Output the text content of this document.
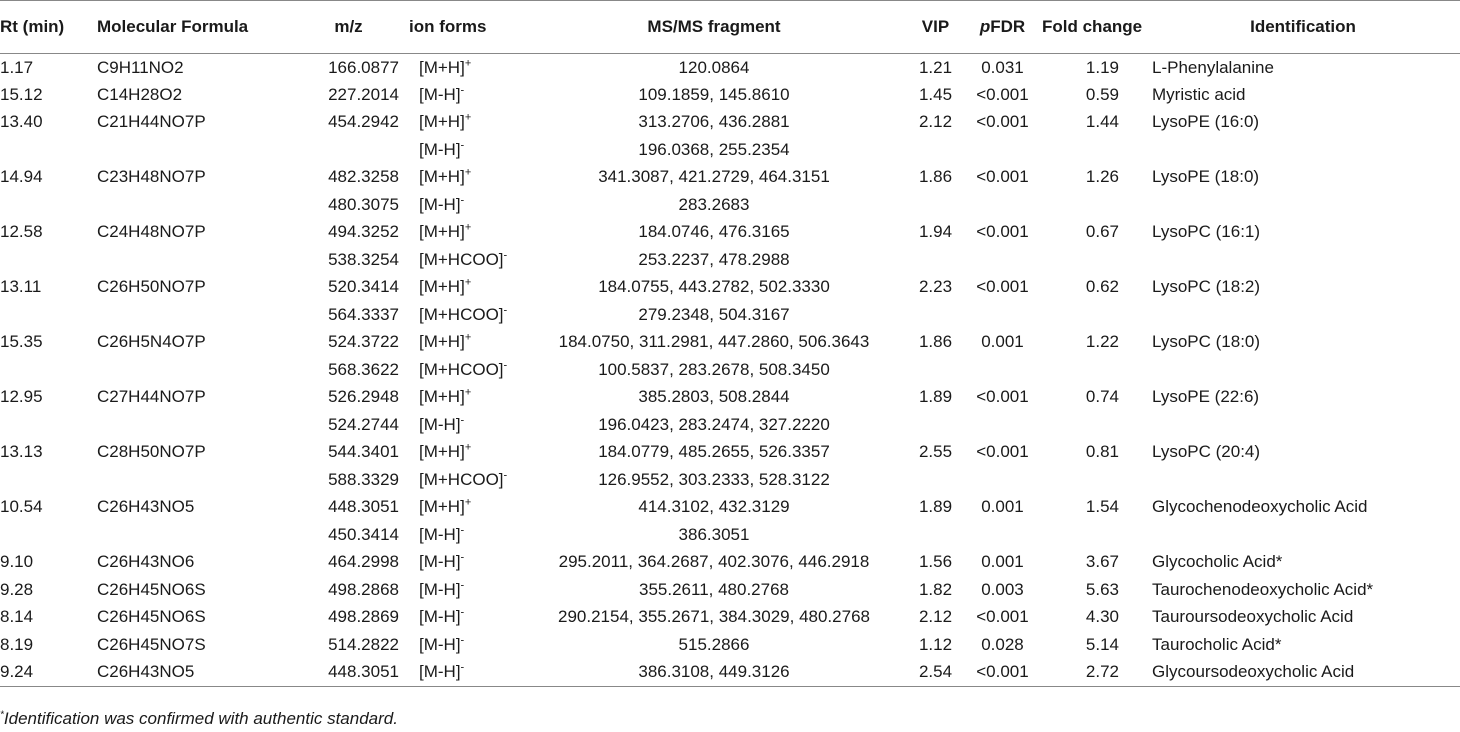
Rt (min)	Molecular Formula	m/z	ion forms	MS/MS fragment	VIP	pFDR	Fold change	Identification
1.17	C9H11NO2	166.0877	[M+H]+	120.0864	1.21	0.031	1.19	L-Phenylalanine
15.12	C14H28O2	227.2014	[M-H]-	109.1859, 145.8610	1.45	<0.001	0.59	Myristic acid
13.40	C21H44NO7P	454.2942	[M+H]+	313.2706, 436.2881	2.12	<0.001	1.44	LysoPE (16:0)
			[M-H]-	196.0368, 255.2354				
14.94	C23H48NO7P	482.3258	[M+H]+	341.3087, 421.2729, 464.3151	1.86	<0.001	1.26	LysoPE (18:0)
		480.3075	[M-H]-	283.2683				
12.58	C24H48NO7P	494.3252	[M+H]+	184.0746, 476.3165	1.94	<0.001	0.67	LysoPC (16:1)
		538.3254	[M+HCOO]-	253.2237, 478.2988				
13.11	C26H50NO7P	520.3414	[M+H]+	184.0755, 443.2782, 502.3330	2.23	<0.001	0.62	LysoPC (18:2)
		564.3337	[M+HCOO]-	279.2348, 504.3167				
15.35	C26H5N4O7P	524.3722	[M+H]+	184.0750, 311.2981, 447.2860, 506.3643	1.86	0.001	1.22	LysoPC (18:0)
		568.3622	[M+HCOO]-	100.5837, 283.2678, 508.3450				
12.95	C27H44NO7P	526.2948	[M+H]+	385.2803, 508.2844	1.89	<0.001	0.74	LysoPE (22:6)
		524.2744	[M-H]-	196.0423, 283.2474, 327.2220				
13.13	C28H50NO7P	544.3401	[M+H]+	184.0779, 485.2655, 526.3357	2.55	<0.001	0.81	LysoPC (20:4)
		588.3329	[M+HCOO]-	126.9552, 303.2333, 528.3122				
10.54	C26H43NO5	448.3051	[M+H]+	414.3102, 432.3129	1.89	0.001	1.54	Glycochenodeoxycholic Acid
		450.3414	[M-H]-	386.3051				
9.10	C26H43NO6	464.2998	[M-H]-	295.2011, 364.2687, 402.3076, 446.2918	1.56	0.001	3.67	Glycocholic Acid*
9.28	C26H45NO6S	498.2868	[M-H]-	355.2611, 480.2768	1.82	0.003	5.63	Taurochenodeoxycholic Acid*
8.14	C26H45NO6S	498.2869	[M-H]-	290.2154, 355.2671, 384.3029, 480.2768	2.12	<0.001	4.30	Tauroursodeoxycholic Acid
8.19	C26H45NO7S	514.2822	[M-H]-	515.2866	1.12	0.028	5.14	Taurocholic Acid*
9.24	C26H43NO5	448.3051	[M-H]-	386.3108, 449.3126	2.54	<0.001	2.72	Glycoursodeoxycholic Acid
*Identification was confirmed with authentic standard.
